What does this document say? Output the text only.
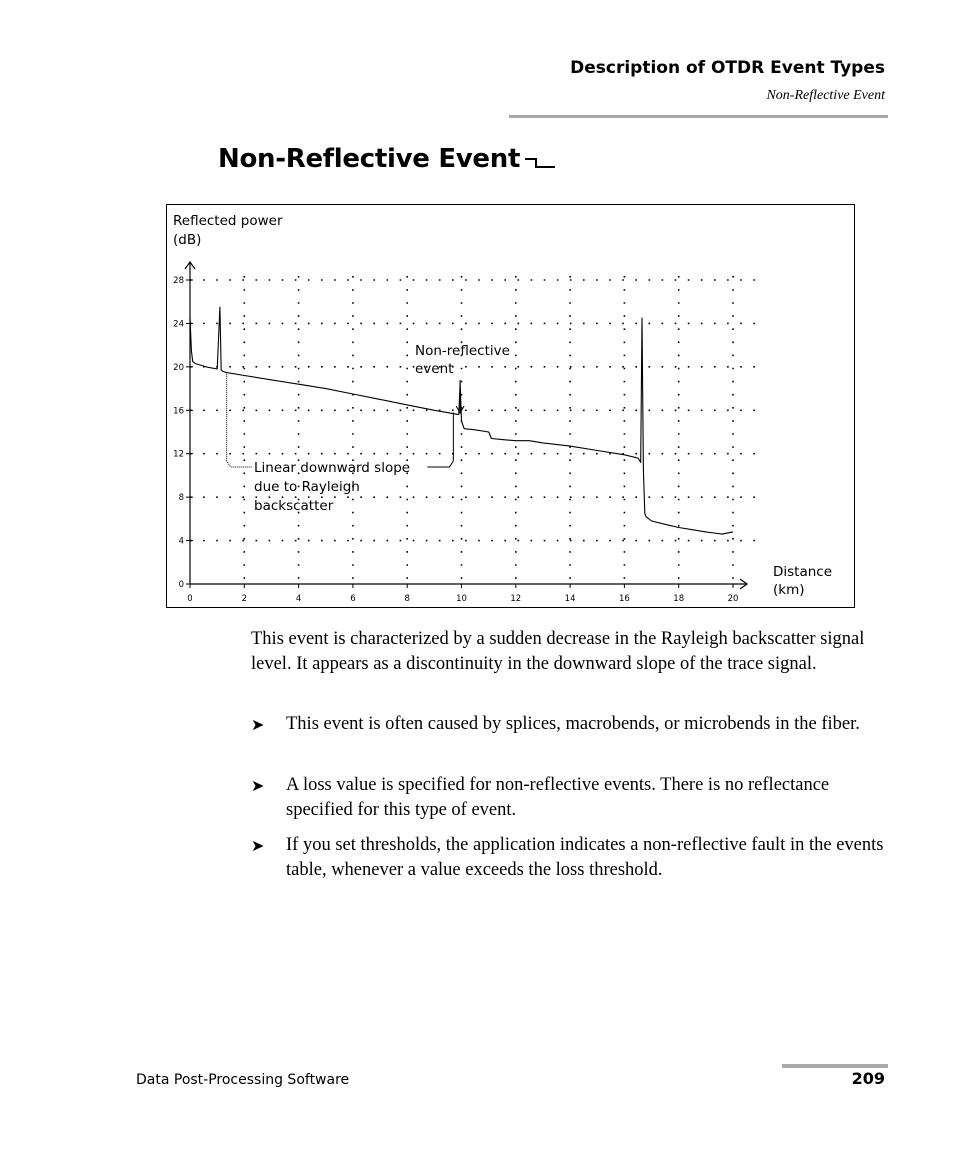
Description of OTDR Event Types
Non-Reflective Event
Non-Reflective Event
Reflected power
(dB)
Distance
(km)
Non-reflective
event
Linear downward slope
due to Rayleigh
backscatter
0	2	4	6	8	10	12	14	16	18	20
0
4
8
12
16
20
24
28
This event is characterized by a sudden decrease in the Rayleigh backscatter signal level. It appears as a discontinuity in the downward slope of the trace signal.
➤ This event is often caused by splices, macrobends, or microbends in the fiber.
➤ A loss value is specified for non-reflective events. There is no reflectance specified for this type of event.
➤ If you set thresholds, the application indicates a non-reflective fault in the events table, whenever a value exceeds the loss threshold.
Data Post-Processing Software	209
